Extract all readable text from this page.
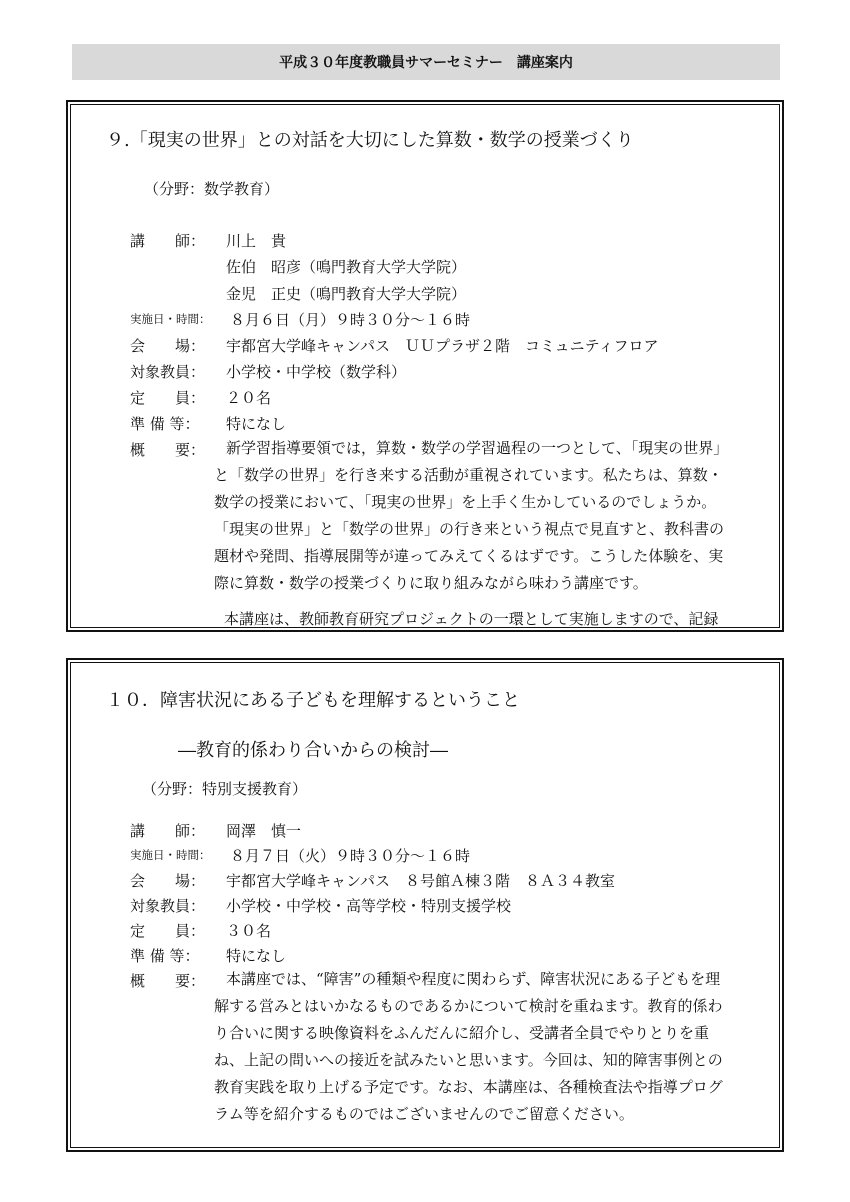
平成３０年度教職員サマーセミナー　講座案内
９.「現実の世界」との対話を大切にした算数・数学の授業づくり
（分野：数学教育）
講　　師： 川上　貴
佐伯　昭彦（鳴門教育大学大学院）
金児　正史（鳴門教育大学大学院）
実施日・時間： ８月６日（月）９時３０分～１６時
会　　場： 宇都宮大学峰キャンパス　ＵＵプラザ２階　コミュニティフロア
対象教員： 小学校・中学校（数学科）
定　　員： ２０名
準 備 等： 特になし
概　　要：	新学習指導要領では，算数・数学の学習過程の一つとして、「現実の世界」
と「数学の世界」を行き来する活動が重視されています。私たちは、算数・
数学の授業において、「現実の世界」を上手く生かしているのでしょうか。
「現実の世界」と「数学の世界」の行き来という視点で見直すと、教科書の
題材や発問、指導展開等が違ってみえてくるはずです。こうした体験を、実
際に算数・数学の授業づくりに取り組みながら味わう講座です。
本講座は、教師教育研究プロジェクトの一環として実施しますので、記録
１０．障害状況にある子どもを理解するということ
―教育的係わり合いからの検討―
（分野：特別支援教育）
講　　師： 岡澤　慎一
実施日・時間： ８月７日（火）９時３０分～１６時
会　　場： 宇都宮大学峰キャンパス　８号館Ａ棟３階　８Ａ３４教室
対象教員： 小学校・中学校・高等学校・特別支援学校
定　　員： ３０名
準 備 等： 特になし
概　　要：	本講座では、“障害”の種類や程度に関わらず、障害状況にある子どもを理
解する営みとはいかなるものであるかについて検討を重ねます。教育的係わ
り合いに関する映像資料をふんだんに紹介し、受講者全員でやりとりを重
ね、上記の問いへの接近を試みたいと思います。今回は、知的障害事例との
教育実践を取り上げる予定です。なお、本講座は、各種検査法や指導プログ
ラム等を紹介するものではございませんのでご留意ください。
